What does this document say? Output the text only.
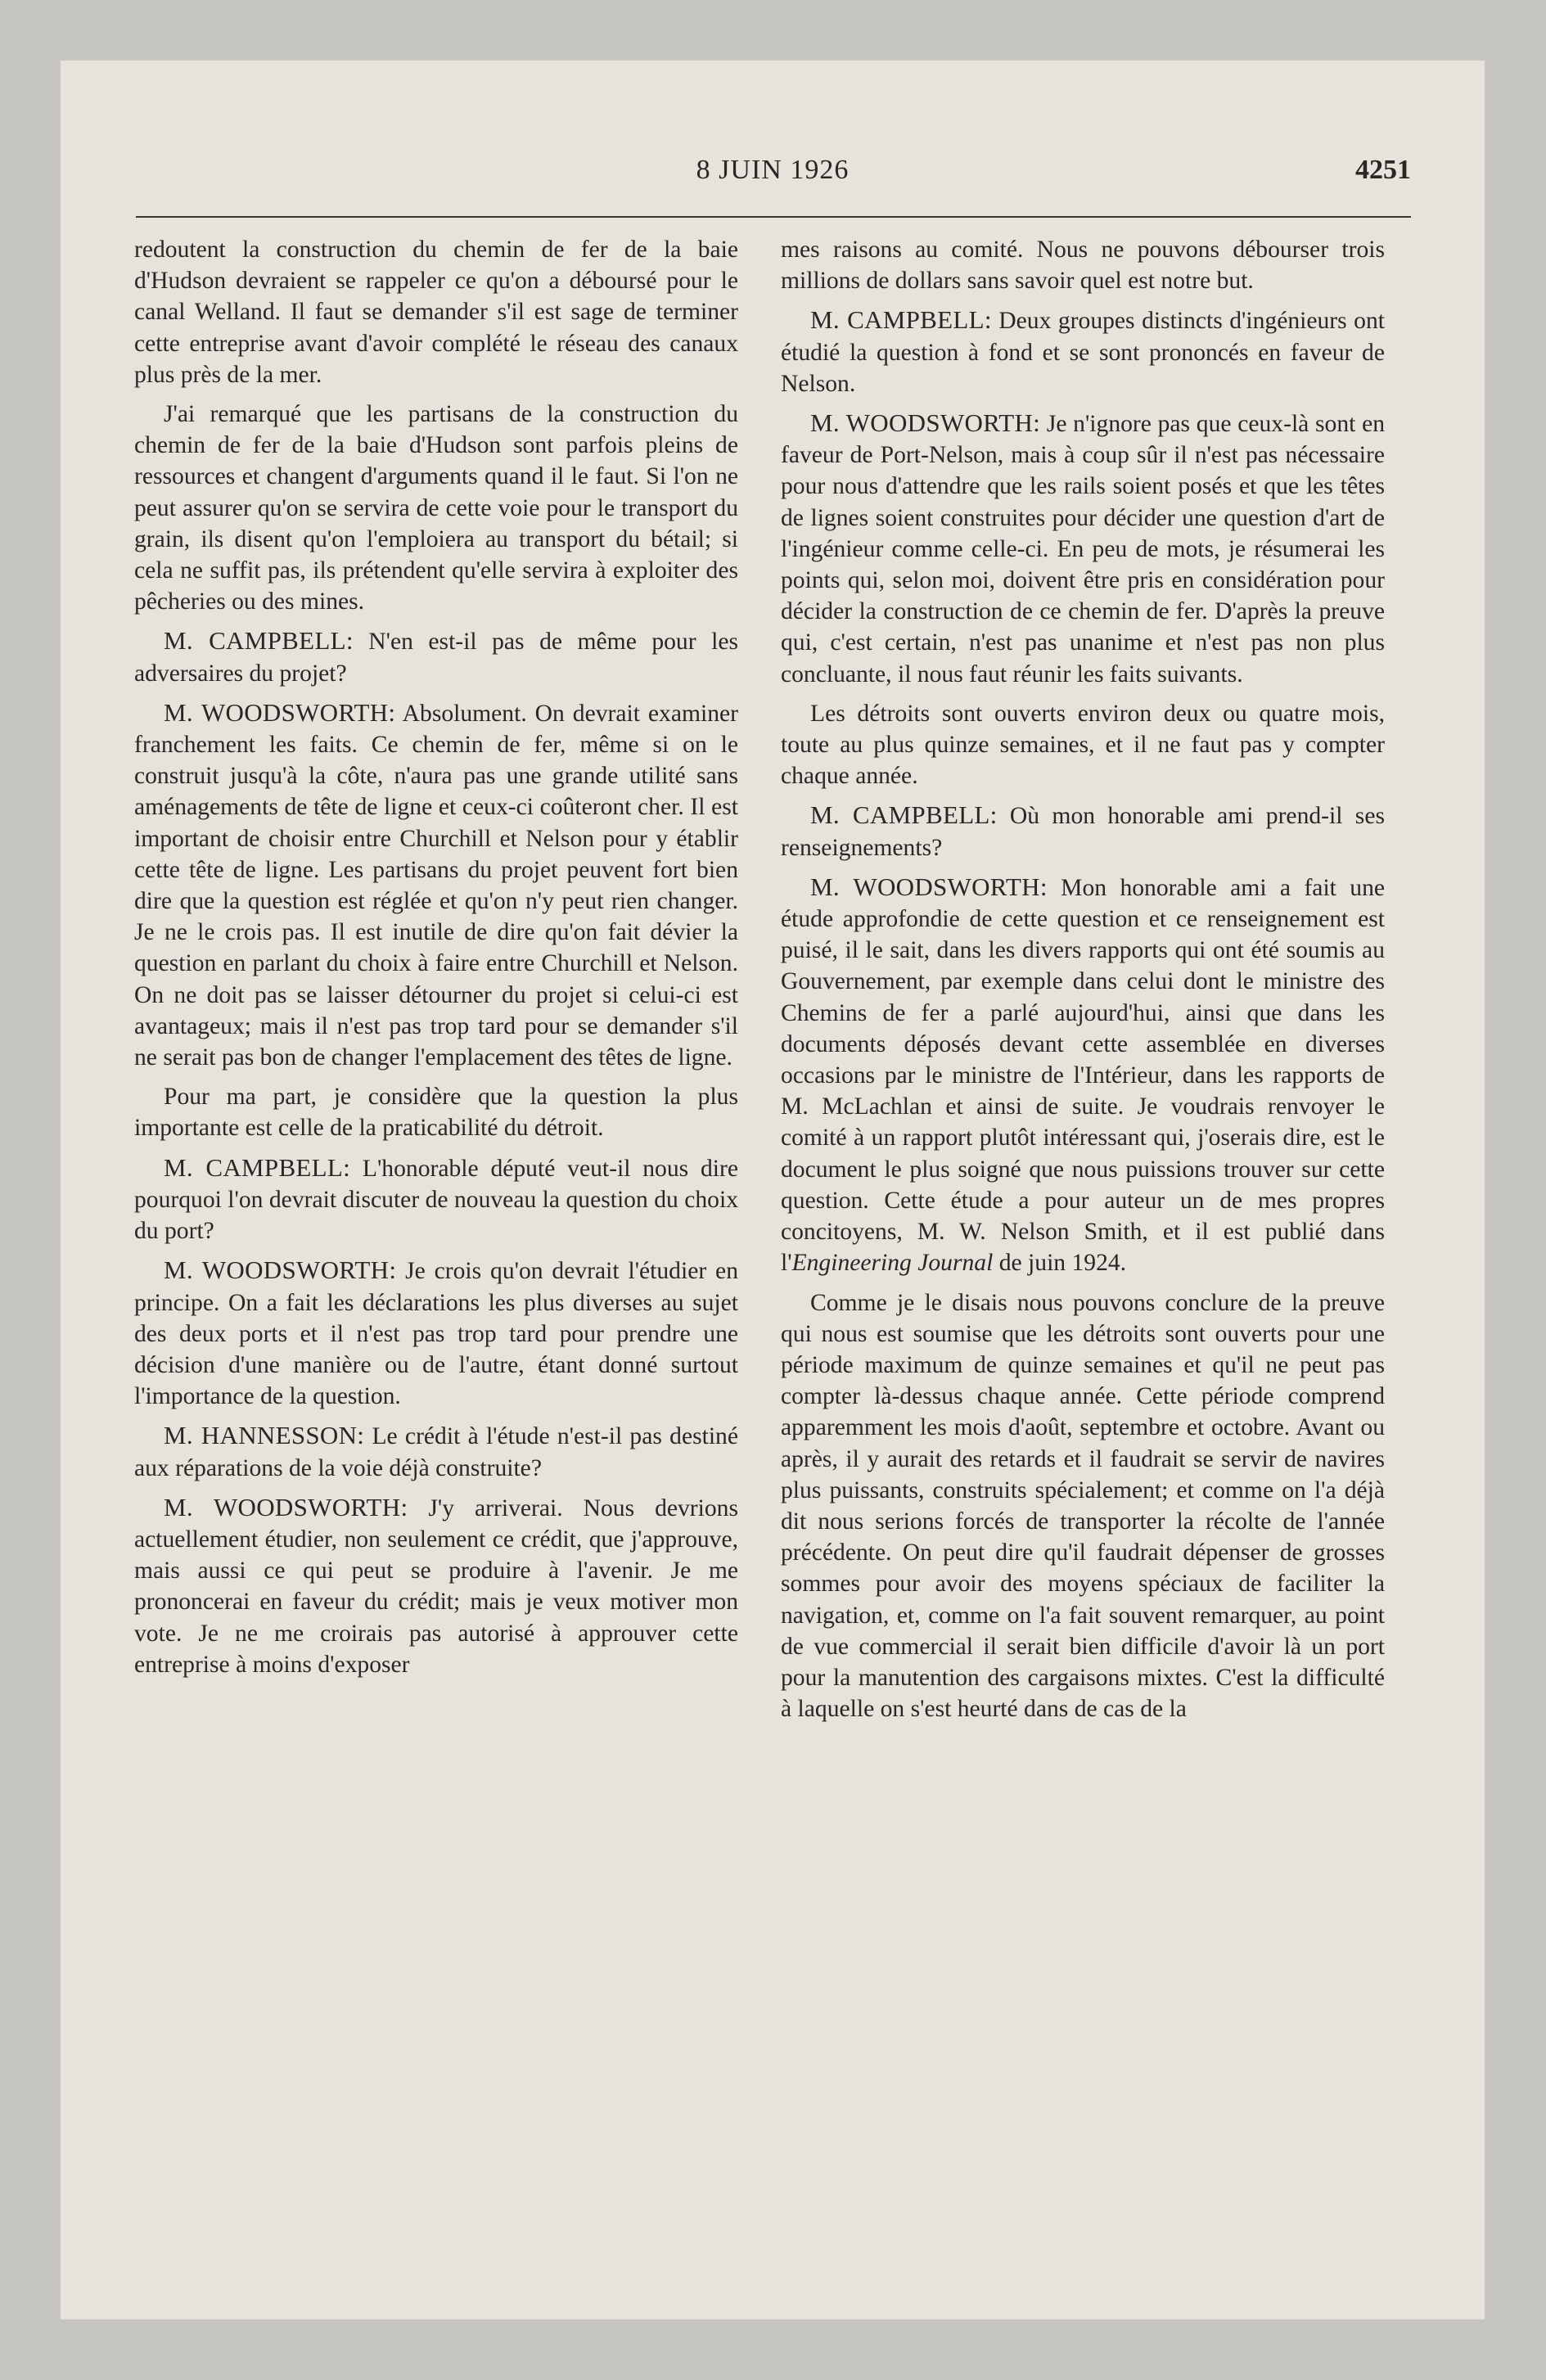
8 JUIN 1926	4251

redoutent la construction du chemin de fer de la baie d'Hudson devraient se rappeler ce qu'on a déboursé pour le canal Welland. Il faut se demander s'il est sage de terminer cette entreprise avant d'avoir complété le réseau des canaux plus près de la mer.

J'ai remarqué que les partisans de la construction du chemin de fer de la baie d'Hudson sont parfois pleins de ressources et changent d'arguments quand il le faut. Si l'on ne peut assurer qu'on se servira de cette voie pour le transport du grain, ils disent qu'on l'emploiera au transport du bétail; si cela ne suffit pas, ils prétendent qu'elle servira à exploiter des pêcheries ou des mines.

M. CAMPBELL: N'en est-il pas de même pour les adversaires du projet?

M. WOODSWORTH: Absolument. On devrait examiner franchement les faits. Ce chemin de fer, même si on le construit jusqu'à la côte, n'aura pas une grande utilité sans aménagements de tête de ligne et ceux-ci coûteront cher. Il est important de choisir entre Churchill et Nelson pour y établir cette tête de ligne. Les partisans du projet peuvent fort bien dire que la question est réglée et qu'on n'y peut rien changer. Je ne le crois pas. Il est inutile de dire qu'on fait dévier la question en parlant du choix à faire entre Churchill et Nelson. On ne doit pas se laisser détourner du projet si celui-ci est avantageux; mais il n'est pas trop tard pour se demander s'il ne serait pas bon de changer l'emplacement des têtes de ligne.

Pour ma part, je considère que la question la plus importante est celle de la praticabilité du détroit.

M. CAMPBELL: L'honorable député veut-il nous dire pourquoi l'on devrait discuter de nouveau la question du choix du port?

M. WOODSWORTH: Je crois qu'on devrait l'étudier en principe. On a fait les déclarations les plus diverses au sujet des deux ports et il n'est pas trop tard pour prendre une décision d'une manière ou de l'autre, étant donné surtout l'importance de la question.

M. HANNESSON: Le crédit à l'étude n'est-il pas destiné aux réparations de la voie déjà construite?

M. WOODSWORTH: J'y arriverai. Nous devrions actuellement étudier, non seulement ce crédit, que j'approuve, mais aussi ce qui peut se produire à l'avenir. Je me prononcerai en faveur du crédit; mais je veux motiver mon vote. Je ne me croirais pas autorisé à approuver cette entreprise à moins d'exposer

mes raisons au comité. Nous ne pouvons débourser trois millions de dollars sans savoir quel est notre but.

M. CAMPBELL: Deux groupes distincts d'ingénieurs ont étudié la question à fond et se sont prononcés en faveur de Nelson.

M. WOODSWORTH: Je n'ignore pas que ceux-là sont en faveur de Port-Nelson, mais à coup sûr il n'est pas nécessaire pour nous d'attendre que les rails soient posés et que les têtes de lignes soient construites pour décider une question d'art de l'ingénieur comme celle-ci. En peu de mots, je résumerai les points qui, selon moi, doivent être pris en considération pour décider la construction de ce chemin de fer. D'après la preuve qui, c'est certain, n'est pas unanime et n'est pas non plus concluante, il nous faut réunir les faits suivants.

Les détroits sont ouverts environ deux ou quatre mois, toute au plus quinze semaines, et il ne faut pas y compter chaque année.

M. CAMPBELL: Où mon honorable ami prend-il ses renseignements?

M. WOODSWORTH: Mon honorable ami a fait une étude approfondie de cette question et ce renseignement est puisé, il le sait, dans les divers rapports qui ont été soumis au Gouvernement, par exemple dans celui dont le ministre des Chemins de fer a parlé aujourd'hui, ainsi que dans les documents déposés devant cette assemblée en diverses occasions par le ministre de l'Intérieur, dans les rapports de M. McLachlan et ainsi de suite. Je voudrais renvoyer le comité à un rapport plutôt intéressant qui, j'oserais dire, est le document le plus soigné que nous puissions trouver sur cette question. Cette étude a pour auteur un de mes propres concitoyens, M. W. Nelson Smith, et il est publié dans l'Engineering Journal de juin 1924.

Comme je le disais nous pouvons conclure de la preuve qui nous est soumise que les détroits sont ouverts pour une période maximum de quinze semaines et qu'il ne peut pas compter là-dessus chaque année. Cette période comprend apparemment les mois d'août, septembre et octobre. Avant ou après, il y aurait des retards et il faudrait se servir de navires plus puissants, construits spécialement; et comme on l'a déjà dit nous serions forcés de transporter la récolte de l'année précédente. On peut dire qu'il faudrait dépenser de grosses sommes pour avoir des moyens spéciaux de faciliter la navigation, et, comme on l'a fait souvent remarquer, au point de vue commercial il serait bien difficile d'avoir là un port pour la manutention des cargaisons mixtes. C'est la difficulté à laquelle on s'est heurté dans de cas de la
